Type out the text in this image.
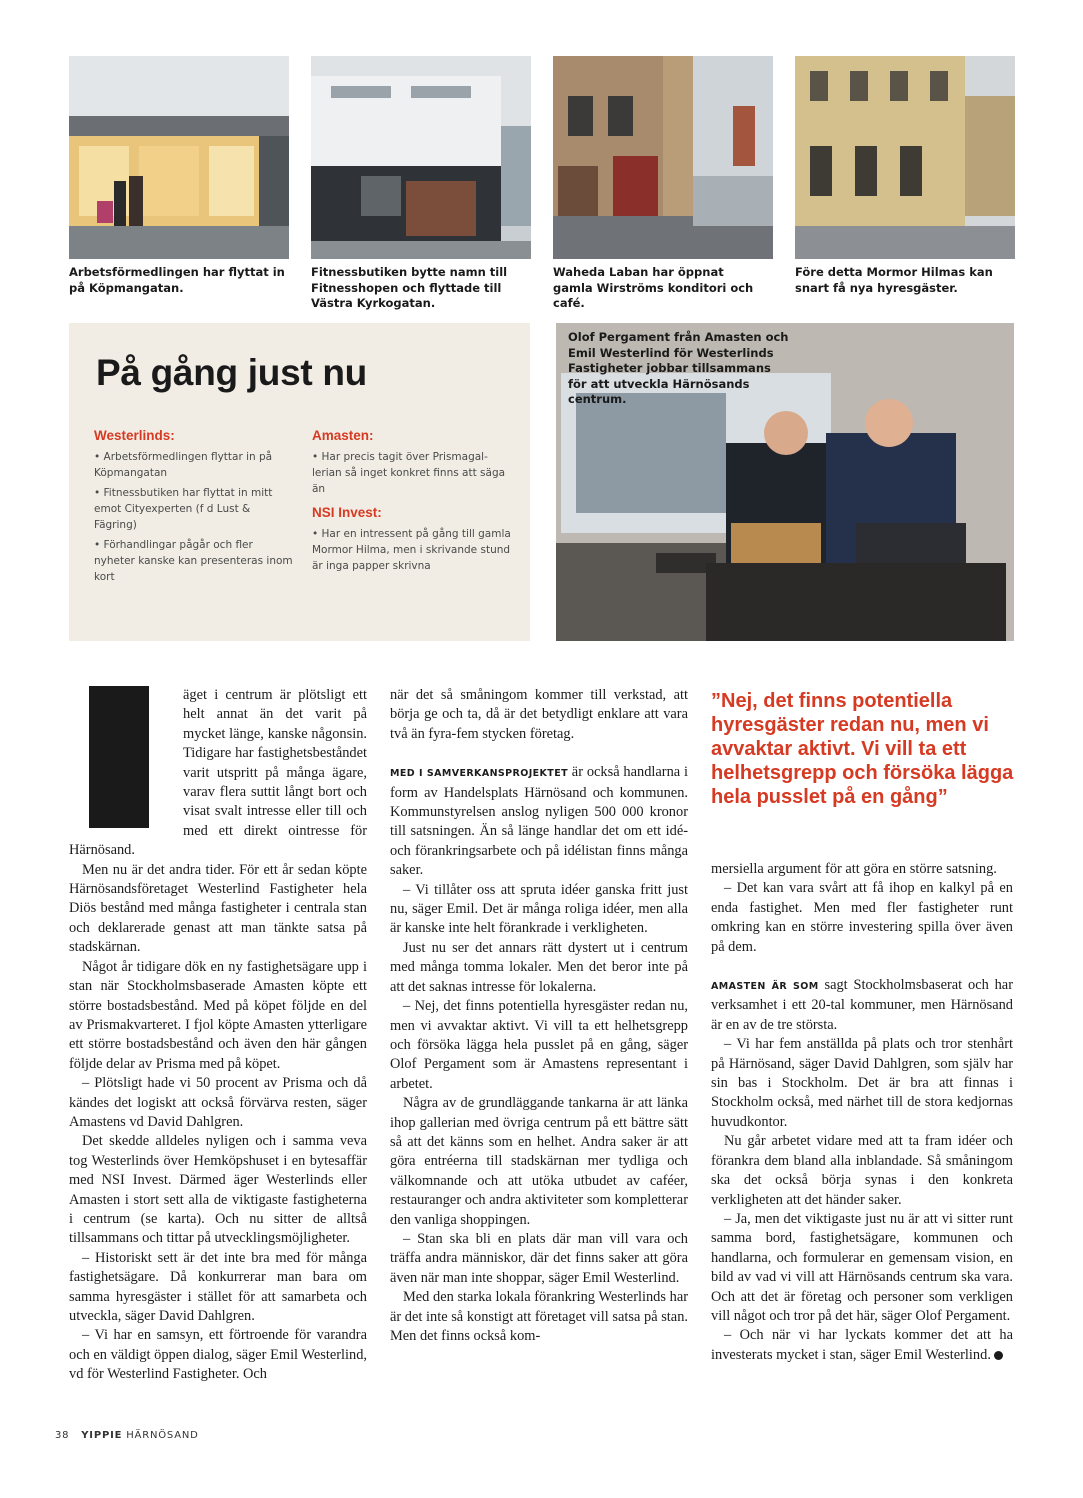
Arbetsförmedlingen har flyttat in på Köpmangatan.

Fitnessbutiken bytte namn till Fitnesshopen och flyttade till Västra Kyrkogatan.

Waheda Laban har öppnat gamla Wirströms konditori och café.

Före detta Mormor Hilmas kan snart få nya hyresgäster.

På gång just nu
Westerlinds:

• Arbetsförmedlingen flyttar in på Köpmangatan

• Fitnessbutiken har flyttat in mitt emot Cityexperten (f d Lust & Fägring)

• Förhandlingar pågår och fler nyheter kanske kan presenteras inom kort

Amasten:

• Har precis tagit över Prismagal-lerian så inget konkret finns att säga än

NSI Invest:

• Har en intressent på gång till gamla Mormor Hilma, men i skrivande stund är inga papper skrivna

Olof Pergament från Amasten och Emil Westerlind för Westerlinds Fastigheter jobbar tillsammans för att utveckla Härnösands centrum.

äget i centrum är plötsligt ett helt annat än det varit på mycket länge, kanske någonsin. Tidigare har fastighetsbeståndet varit utspritt på många ägare, varav flera suttit långt bort och visat svalt intresse eller till och med ett direkt ointresse för Härnösand.

Men nu är det andra tider. För ett år sedan köpte Härnösandsföretaget Westerlind Fastigheter hela Diös bestånd med många fastigheter i centrala stan och deklarerade genast att man tänkte satsa på stadskärnan.

Något år tidigare dök en ny fastighetsägare upp i stan när Stockholmsbaserade Amasten köpte ett större bostadsbestånd. Med på köpet följde en del av Prismakvarteret. I fjol köpte Amasten ytterligare ett större bostadsbestånd och även den här gången följde delar av Prisma med på köpet.

– Plötsligt hade vi 50 procent av Prisma och då kändes det logiskt att också förvärva resten, säger Amastens vd David Dahlgren.

Det skedde alldeles nyligen och i samma veva tog Westerlinds över Hemköpshuset i en bytesaffär med NSI Invest. Därmed äger Westerlinds eller Amasten i stort sett alla de viktigaste fastigheterna i centrum (se karta). Och nu sitter de alltså tillsammans och tittar på utvecklingsmöjligheter.

– Historiskt sett är det inte bra med för många fastighetsägare. Då konkurrerar man bara om samma hyresgäster i stället för att samarbeta och utveckla, säger David Dahlgren.

– Vi har en samsyn, ett förtroende för varandra och en väldigt öppen dialog, säger Emil Westerlind, vd för Westerlind Fastigheter. Och

när det så småningom kommer till verkstad, att börja ge och ta, då är det betydligt enklare att vara två än fyra-fem stycken företag.

MED I SAMVERKANSPROJEKTET är också handlarna i form av Handelsplats Härnösand och kommunen. Kommunstyrelsen anslog nyligen 500 000 kronor till satsningen. Än så länge handlar det om ett idé- och förankringsarbete och på idélistan finns många saker.

– Vi tillåter oss att spruta idéer ganska fritt just nu, säger Emil. Det är många roliga idéer, men alla är kanske inte helt förankrade i verkligheten.

Just nu ser det annars rätt dystert ut i centrum med många tomma lokaler. Men det beror inte på att det saknas intresse för lokalerna.

– Nej, det finns potentiella hyresgäster redan nu, men vi avvaktar aktivt. Vi vill ta ett helhetsgrepp och försöka lägga hela pusslet på en gång, säger Olof Pergament som är Amastens representant i arbetet.

Några av de grundläggande tankarna är att länka ihop gallerian med övriga centrum på ett bättre sätt så att det känns som en helhet. Andra saker är att göra entréerna till stadskärnan mer tydliga och välkomnande och att utöka utbudet av caféer, restauranger och andra aktiviteter som kompletterar den vanliga shoppingen.

– Stan ska bli en plats där man vill vara och träffa andra människor, där det finns saker att göra även när man inte shoppar, säger Emil Westerlind.

Med den starka lokala förankring Westerlinds har är det inte så konstigt att företaget vill satsa på stan. Men det finns också kom-

”Nej, det finns potentiella hyresgäster redan nu, men vi avvaktar aktivt. Vi vill ta ett helhetsgrepp och försöka lägga hela pusslet på en gång”

mersiella argument för att göra en större satsning.

– Det kan vara svårt att få ihop en kalkyl på en enda fastighet. Men med fler fastigheter runt omkring kan en större investering spilla över även på dem.

AMASTEN ÄR SOM sagt Stockholmsbaserat och har verksamhet i ett 20-tal kommuner, men Härnösand är en av de tre största.

– Vi har fem anställda på plats och tror stenhårt på Härnösand, säger David Dahlgren, som själv har sin bas i Stockholm. Det är bra att finnas i Stockholm också, med närhet till de stora kedjornas huvudkontor.

Nu går arbetet vidare med att ta fram idéer och förankra dem bland alla inblandade. Så småningom ska det också börja synas i den konkreta verkligheten att det händer saker.

– Ja, men det viktigaste just nu är att vi sitter runt samma bord, fastighetsägare, kommunen och handlarna, och formulerar en gemensam vision, en bild av vad vi vill att Härnösands centrum ska vara. Och att det är företag och personer som verkligen vill något och tror på det här, säger Olof Pergament.

– Och när vi har lyckats kommer det att ha investerats mycket i stan, säger Emil Westerlind.

38 YIPPIE HÄRNÖSAND
